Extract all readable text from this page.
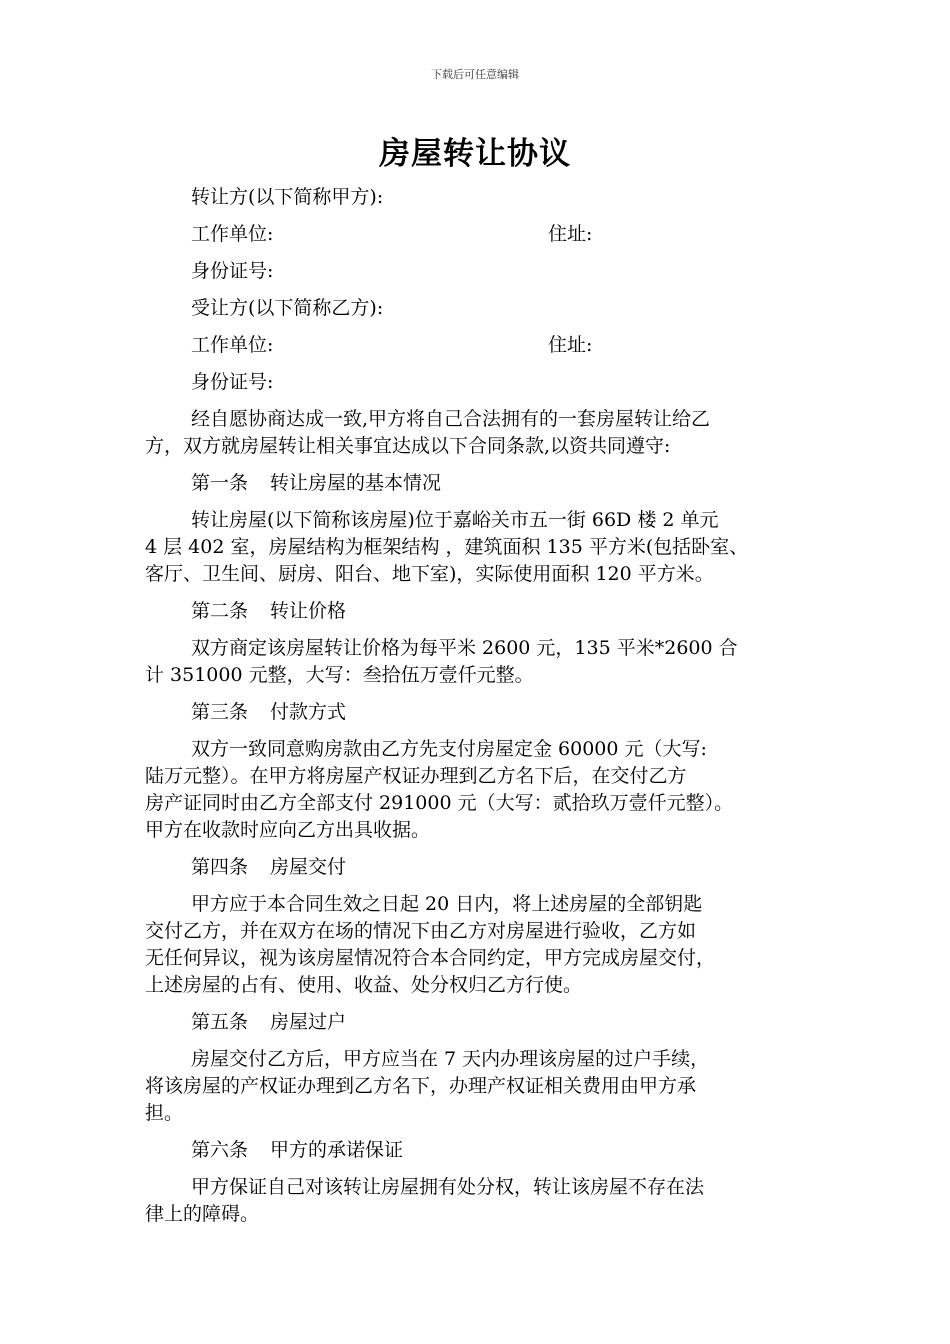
下载后可任意编辑
房屋转让协议
转让方(以下简称甲方):
工作单位:	住址:
身份证号:
受让方(以下简称乙方):
工作单位:	住址:
身份证号:
经自愿协商达成一致,甲方将自己合法拥有的一套房屋转让给乙
方，双方就房屋转让相关事宜达成以下合同条款,以资共同遵守:
第一条 转让房屋的基本情况
转让房屋(以下简称该房屋)位于嘉峪关市五一街 66D 楼 2 单元
4 层 402 室，房屋结构为框架结构 ，建筑面积 135 平方米(包括卧室、
客厅、卫生间、厨房、阳台、地下室)，实际使用面积 120 平方米。
第二条 转让价格
双方商定该房屋转让价格为每平米 2600 元，135 平米*2600 合
计 351000 元整，大写：叁拾伍万壹仟元整。
第三条 付款方式
双方一致同意购房款由乙方先支付房屋定金 60000 元（大写:
陆万元整）。在甲方将房屋产权证办理到乙方名下后，在交付乙方
房产证同时由乙方全部支付 291000 元（大写：贰拾玖万壹仟元整）。
甲方在收款时应向乙方出具收据。
第四条 房屋交付
甲方应于本合同生效之日起 20 日内，将上述房屋的全部钥匙
交付乙方，并在双方在场的情况下由乙方对房屋进行验收，乙方如
无任何异议，视为该房屋情况符合本合同约定，甲方完成房屋交付，
上述房屋的占有、使用、收益、处分权归乙方行使。
第五条 房屋过户
房屋交付乙方后，甲方应当在 7 天内办理该房屋的过户手续，
将该房屋的产权证办理到乙方名下，办理产权证相关费用由甲方承
担。
第六条 甲方的承诺保证
甲方保证自己对该转让房屋拥有处分权，转让该房屋不存在法
律上的障碍。
